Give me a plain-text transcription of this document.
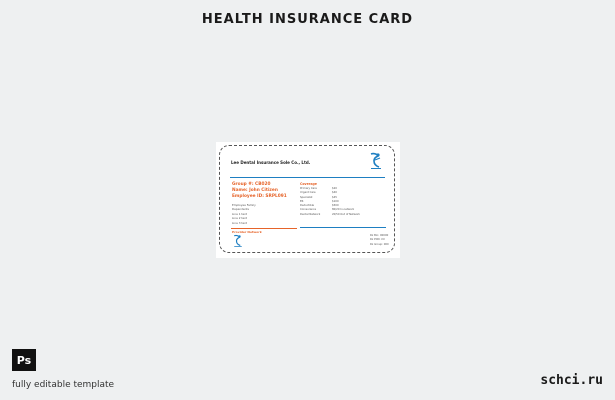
HEALTH INSURANCE CARD
Lee Dental Insurance Sole Co., Ltd.
Group #: CB020
Name: John Citizen
Employee ID: SRPL091
Employee Family
Dependents
Line 1 text
Line 2 text
Line 3 text
Provider Network
Coverage
Primary Care	$20
Urgent Care	$40
Specialist	$45
ER	$100
Deductible	$500
Coinsurance	80/20 In-network
Dental Network	20/50 Out of Network
Rx Bin: 00000
Rx PCN: XX
Rx Group: 000
Ps
fully editable template	schci.ru
